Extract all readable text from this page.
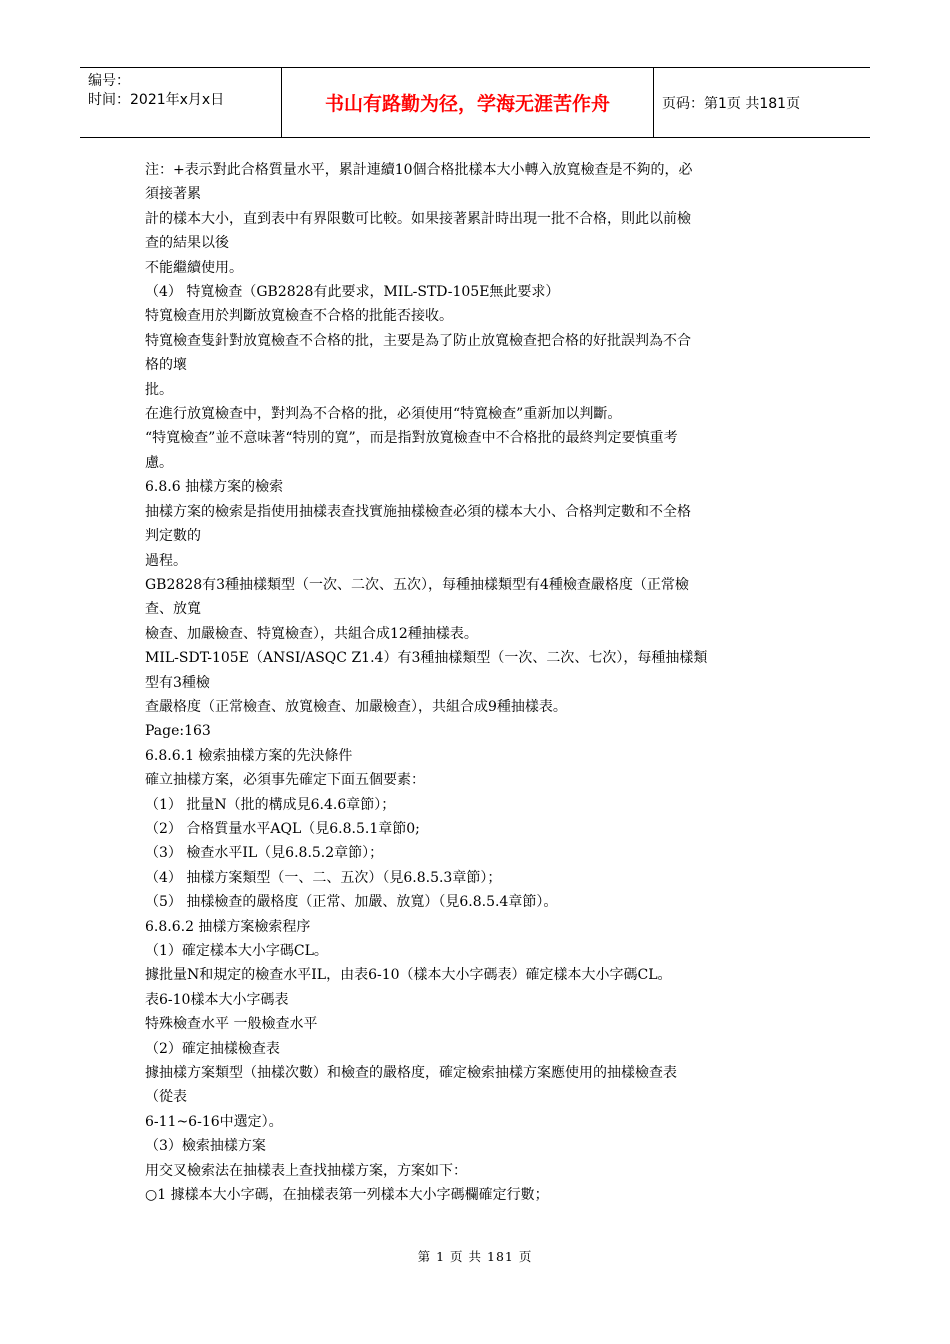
编号：
时间：2021年x月x日	书山有路勤为径，学海无涯苦作舟	页码：第1页 共181页

注：+表示對此合格質量水平，累計連續10個合格批樣本大小轉入放寬檢查是不夠的，必

須接著累

計的樣本大小，直到表中有界限數可比較。如果接著累計時出現一批不合格，則此以前檢

查的結果以後

不能繼續使用。

（4） 特寬檢查（GB2828有此要求，MIL-STD-105E無此要求）

特寬檢查用於判斷放寬檢查不合格的批能否接收。

特寬檢查隻針對放寬檢查不合格的批，主要是為了防止放寬檢查把合格的好批誤判為不合

格的壞

批。

在進行放寬檢查中，對判為不合格的批，必須使用“特寬檢查”重新加以判斷。

“特寬檢查”並不意味著“特別的寬”，而是指對放寬檢查中不合格批的最終判定要慎重考

慮。

6.8.6 抽樣方案的檢索

抽樣方案的檢索是指使用抽樣表查找實施抽樣檢查必須的樣本大小、合格判定數和不全格

判定數的

過程。

GB2828有3種抽樣類型（一次、二次、五次），每種抽樣類型有4種檢查嚴格度（正常檢

查、放寬

檢查、加嚴檢查、特寬檢查），共組合成12種抽樣表。

MIL-SDT-105E（ANSI/ASQC Z1.4）有3種抽樣類型（一次、二次、七次），每種抽樣類

型有3種檢

查嚴格度（正常檢查、放寬檢查、加嚴檢查），共組合成9種抽樣表。

Page:163

6.8.6.1 檢索抽樣方案的先決條件

確立抽樣方案，必須事先確定下面五個要素：

（1） 批量N（批的構成見6.4.6章節）；

（2） 合格質量水平AQL（見6.8.5.1章節0;

（3） 檢查水平IL（見6.8.5.2章節）；

（4） 抽樣方案類型（一、二、五次）（見6.8.5.3章節）；

（5） 抽樣檢查的嚴格度（正常、加嚴、放寬）（見6.8.5.4章節）。

6.8.6.2 抽樣方案檢索程序

（1）確定樣本大小字碼CL。

據批量N和規定的檢查水平IL，由表6-10（樣本大小字碼表）確定樣本大小字碼CL。

表6-10樣本大小字碼表

特殊檢查水平 一般檢查水平

（2）確定抽樣檢查表

據抽樣方案類型（抽樣次數）和檢查的嚴格度，確定檢索抽樣方案應使用的抽樣檢查表

（從表

6-11~6-16中選定）。

（3）檢索抽樣方案

用交叉檢索法在抽樣表上查找抽樣方案，方案如下：

○1 據樣本大小字碼，在抽樣表第一列樣本大小字碼欄確定行數；

第 1 页 共 181 页
